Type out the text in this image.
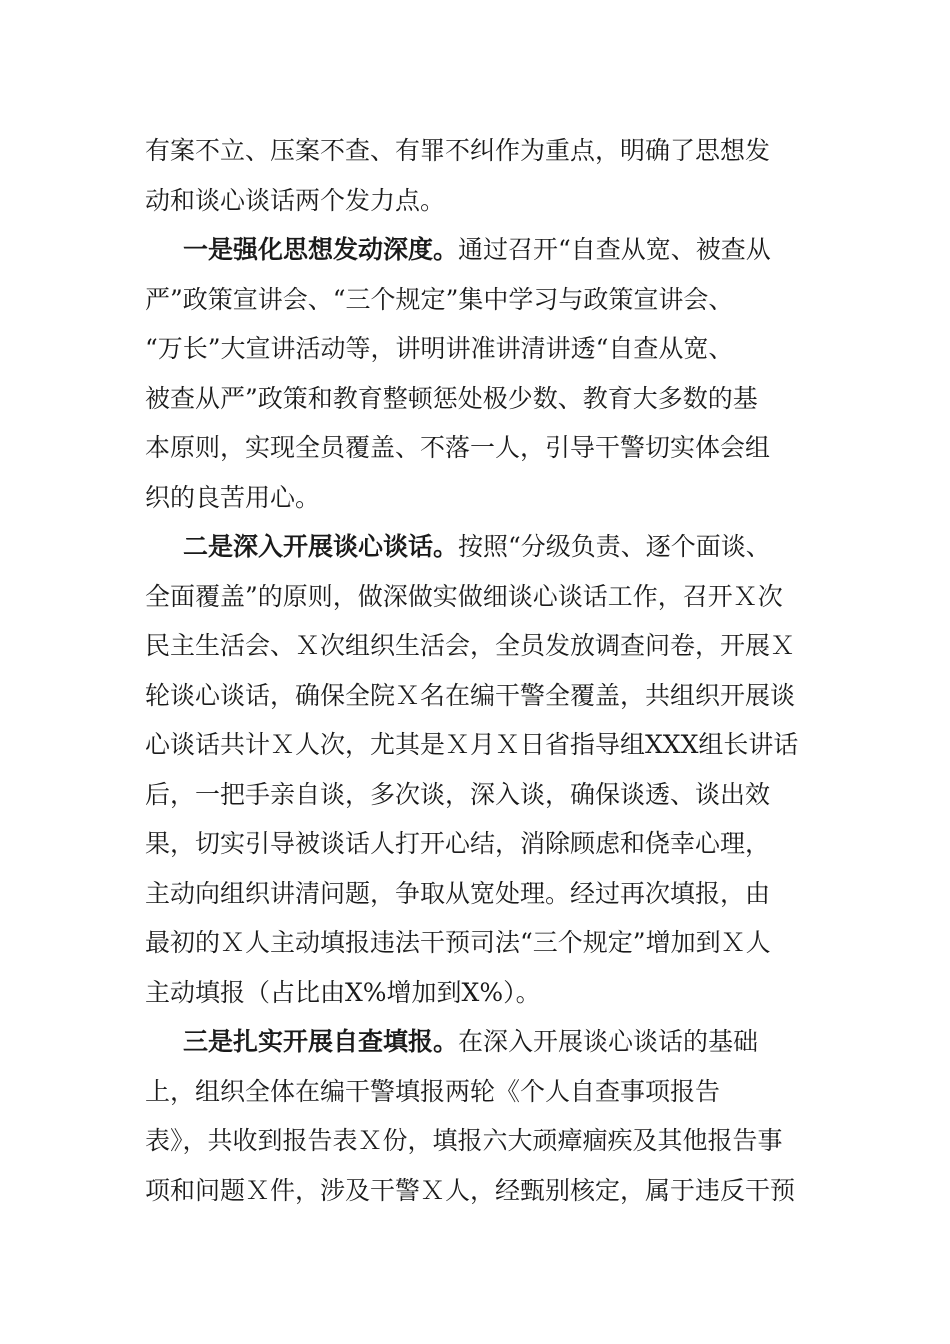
有案不立、压案不查、有罪不纠作为重点，明确了思想发
动和谈心谈话两个发力点。
一是强化思想发动深度。通过召开“自查从宽、被查从
严”政策宣讲会、“三个规定”集中学习与政策宣讲会、
“万长”大宣讲活动等，讲明讲准讲清讲透“自查从宽、
被查从严”政策和教育整顿惩处极少数、教育大多数的基
本原则，实现全员覆盖、不落一人，引导干警切实体会组
织的良苦用心。
二是深入开展谈心谈话。按照“分级负责、逐个面谈、
全面覆盖”的原则，做深做实做细谈心谈话工作，召开Ｘ次
民主生活会、Ｘ次组织生活会，全员发放调查问卷，开展Ｘ
轮谈心谈话，确保全院Ｘ名在编干警全覆盖，共组织开展谈
心谈话共计Ｘ人次，尤其是Ｘ月Ｘ日省指导组XXX组长讲话
后，一把手亲自谈，多次谈，深入谈，确保谈透、谈出效
果，切实引导被谈话人打开心结，消除顾虑和侥幸心理，
主动向组织讲清问题，争取从宽处理。经过再次填报，由
最初的Ｘ人主动填报违法干预司法“三个规定”增加到Ｘ人
主动填报（占比由X%增加到X%）。
三是扎实开展自查填报。在深入开展谈心谈话的基础
上，组织全体在编干警填报两轮《个人自查事项报告
表》，共收到报告表Ｘ份，填报六大顽瘴痼疾及其他报告事
项和问题Ｘ件，涉及干警Ｘ人，经甄别核定，属于违反干预
